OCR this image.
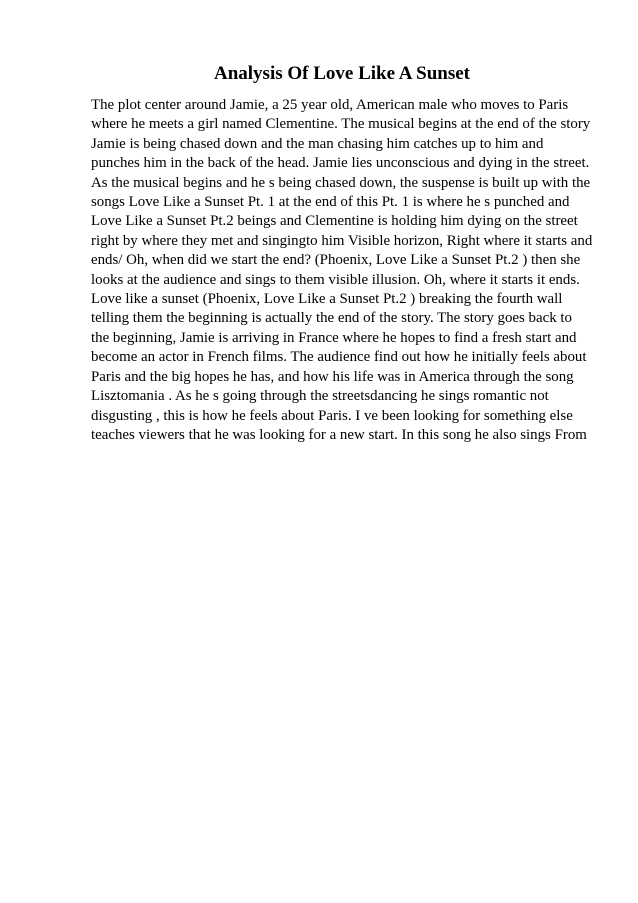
Analysis Of Love Like A Sunset
The plot center around Jamie, a 25 year old, American male who moves to Paris
where he meets a girl named Clementine. The musical begins at the end of the story
Jamie is being chased down and the man chasing him catches up to him and
punches him in the back of the head. Jamie lies unconscious and dying in the street.
As the musical begins and he s being chased down, the suspense is built up with the
songs Love Like a Sunset Pt. 1 at the end of this Pt. 1 is where he s punched and
Love Like a Sunset Pt.2 beings and Clementine is holding him dying on the street
right by where they met and singingto him Visible horizon, Right where it starts and
ends/ Oh, when did we start the end? (Phoenix, Love Like a Sunset Pt.2 ) then she
looks at the audience and sings to them visible illusion. Oh, where it starts it ends.
Love like a sunset (Phoenix, Love Like a Sunset Pt.2 ) breaking the fourth wall
telling them the beginning is actually the end of the story. The story goes back to
the beginning, Jamie is arriving in France where he hopes to find a fresh start and
become an actor in French films. The audience find out how he initially feels about
Paris and the big hopes he has, and how his life was in America through the song
Lisztomania . As he s going through the streetsdancing he sings romantic not
disgusting , this is how he feels about Paris. I ve been looking for something else
teaches viewers that he was looking for a new start. In this song he also sings From
